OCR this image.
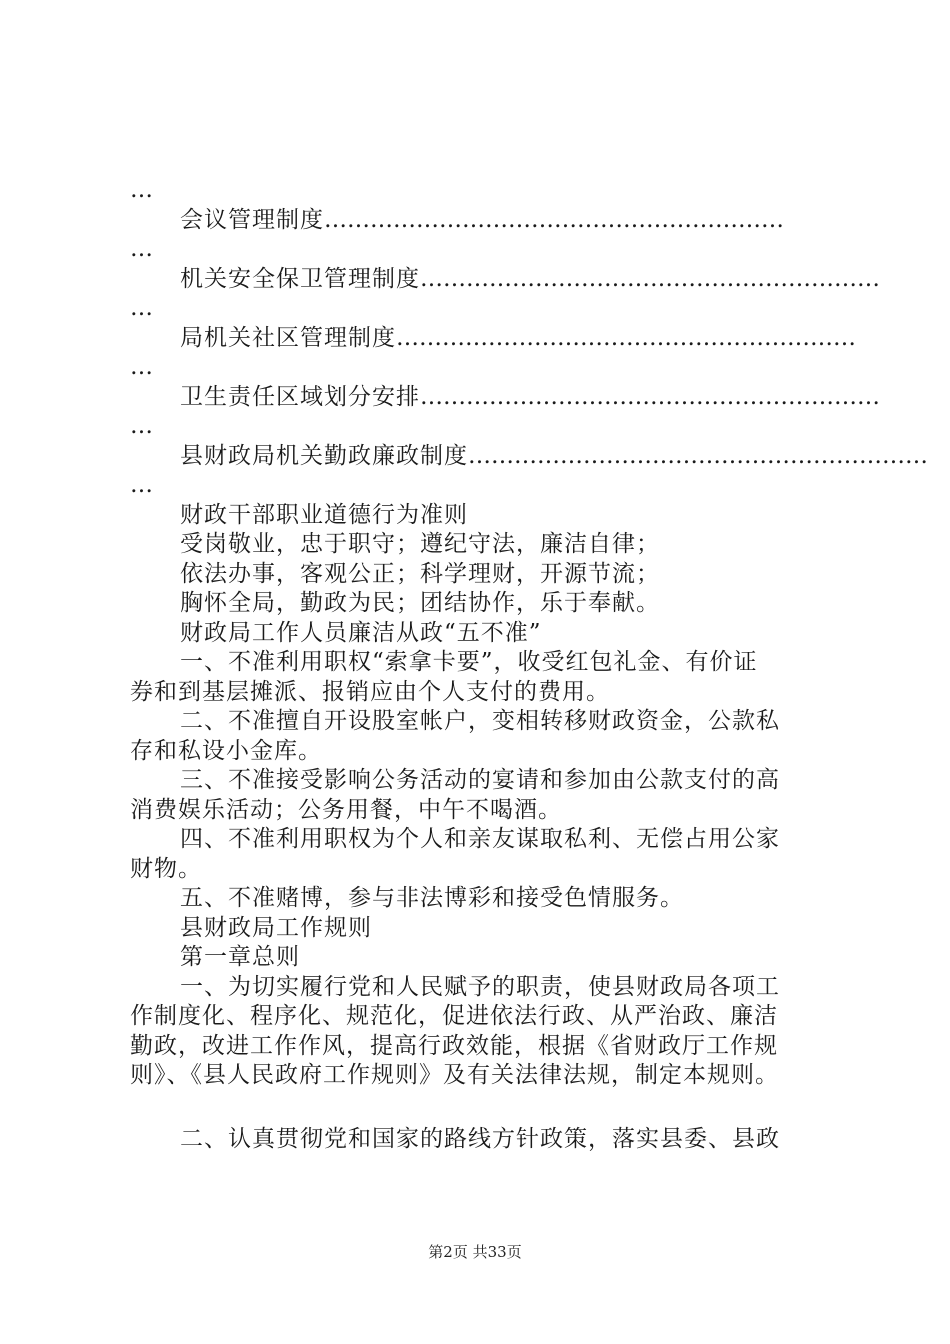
…
会议管理制度 ……………………………………………………
…
机关安全保卫管理制度 ……………………………………………………
…
局机关社区管理制度 ……………………………………………………
…
卫生责任区域划分安排 ……………………………………………………
…
县财政局机关勤政廉政制度 ……………………………………………………
…
财政干部职业道德行为准则
受岗敬业，忠于职守；遵纪守法，廉洁自律；
依法办事，客观公正；科学理财，开源节流；
胸怀全局，勤政为民；团结协作，乐于奉献。
财政局工作人员廉洁从政“五不准”
一、不准利用职权“索拿卡要”，收受红包礼金、有价证
券和到基层摊派、报销应由个人支付的费用。
二、不准擅自开设股室帐户，变相转移财政资金，公款私
存和私设小金库。
三、不准接受影响公务活动的宴请和参加由公款支付的高
消费娱乐活动；公务用餐，中午不喝酒。
四、不准利用职权为个人和亲友谋取私利、无偿占用公家
财物。
五、不准赌博，参与非法博彩和接受色情服务。
县财政局工作规则
第一章总则
一、为切实履行党和人民赋予的职责，使县财政局各项工
作制度化、程序化、规范化，促进依法行政、从严治政、廉洁
勤政，改进工作作风，提高行政效能，根据《省财政厅工作规
则》、《县人民政府工作规则》及有关法律法规，制定本规则。
二、认真贯彻党和国家的路线方针政策，落实县委、县政
第2页 共33页
